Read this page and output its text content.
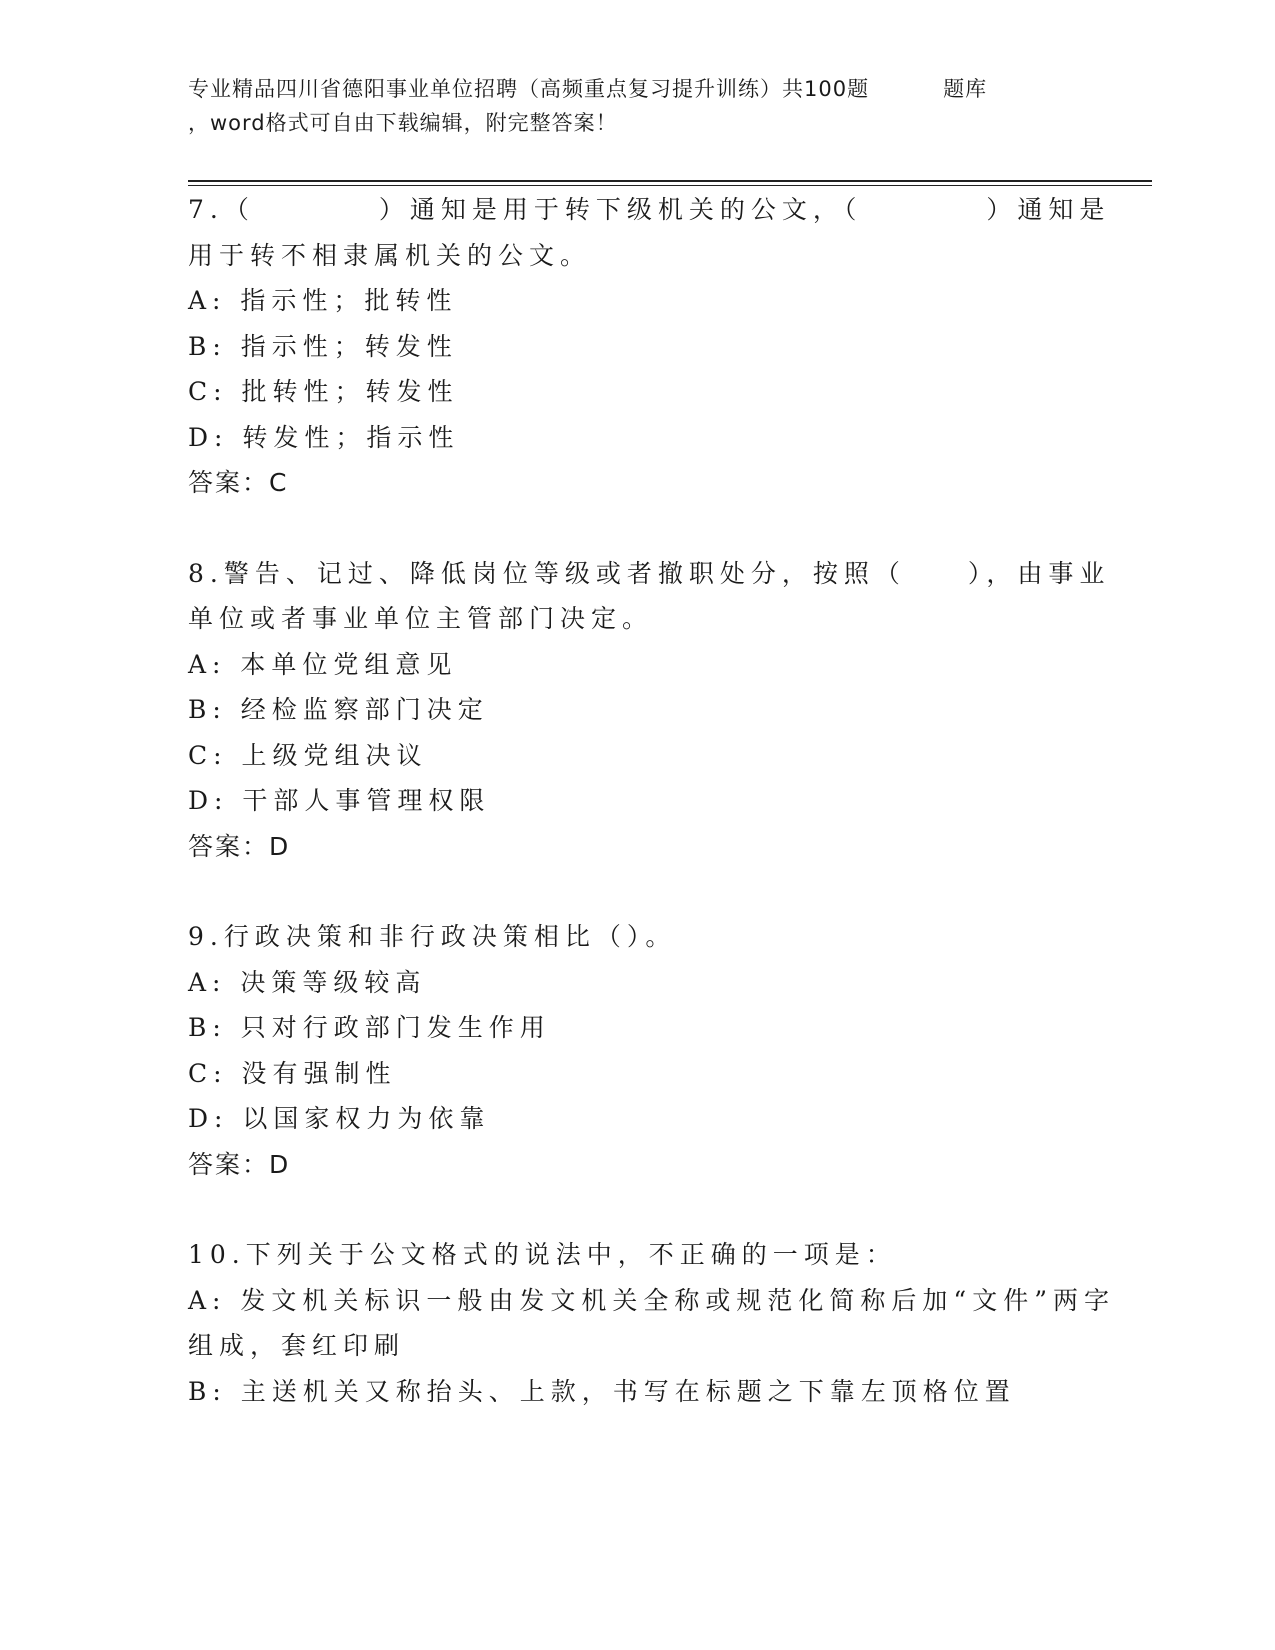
专业精品四川省德阳事业单位招聘（高频重点复习提升训练）共100题	题库
，word格式可自由下载编辑，附完整答案！
7.（　　　　）通知是用于转下级机关的公文，（　　　　）通知是
用于转不相隶属机关的公文。
A: 指示性；批转性
B: 指示性；转发性
C: 批转性；转发性
D: 转发性；指示性
答案：C
8.警告、记过、降低岗位等级或者撤职处分，按照（　　），由事业
单位或者事业单位主管部门决定。
A: 本单位党组意见
B: 经检监察部门决定
C: 上级党组决议
D: 干部人事管理权限
答案：D
9.行政决策和非行政决策相比（）。
A: 决策等级较高
B: 只对行政部门发生作用
C: 没有强制性
D: 以国家权力为依靠
答案：D
10.下列关于公文格式的说法中，不正确的一项是：
A: 发文机关标识一般由发文机关全称或规范化简称后加“文件”两字
组成，套红印刷
B: 主送机关又称抬头、上款，书写在标题之下靠左顶格位置
